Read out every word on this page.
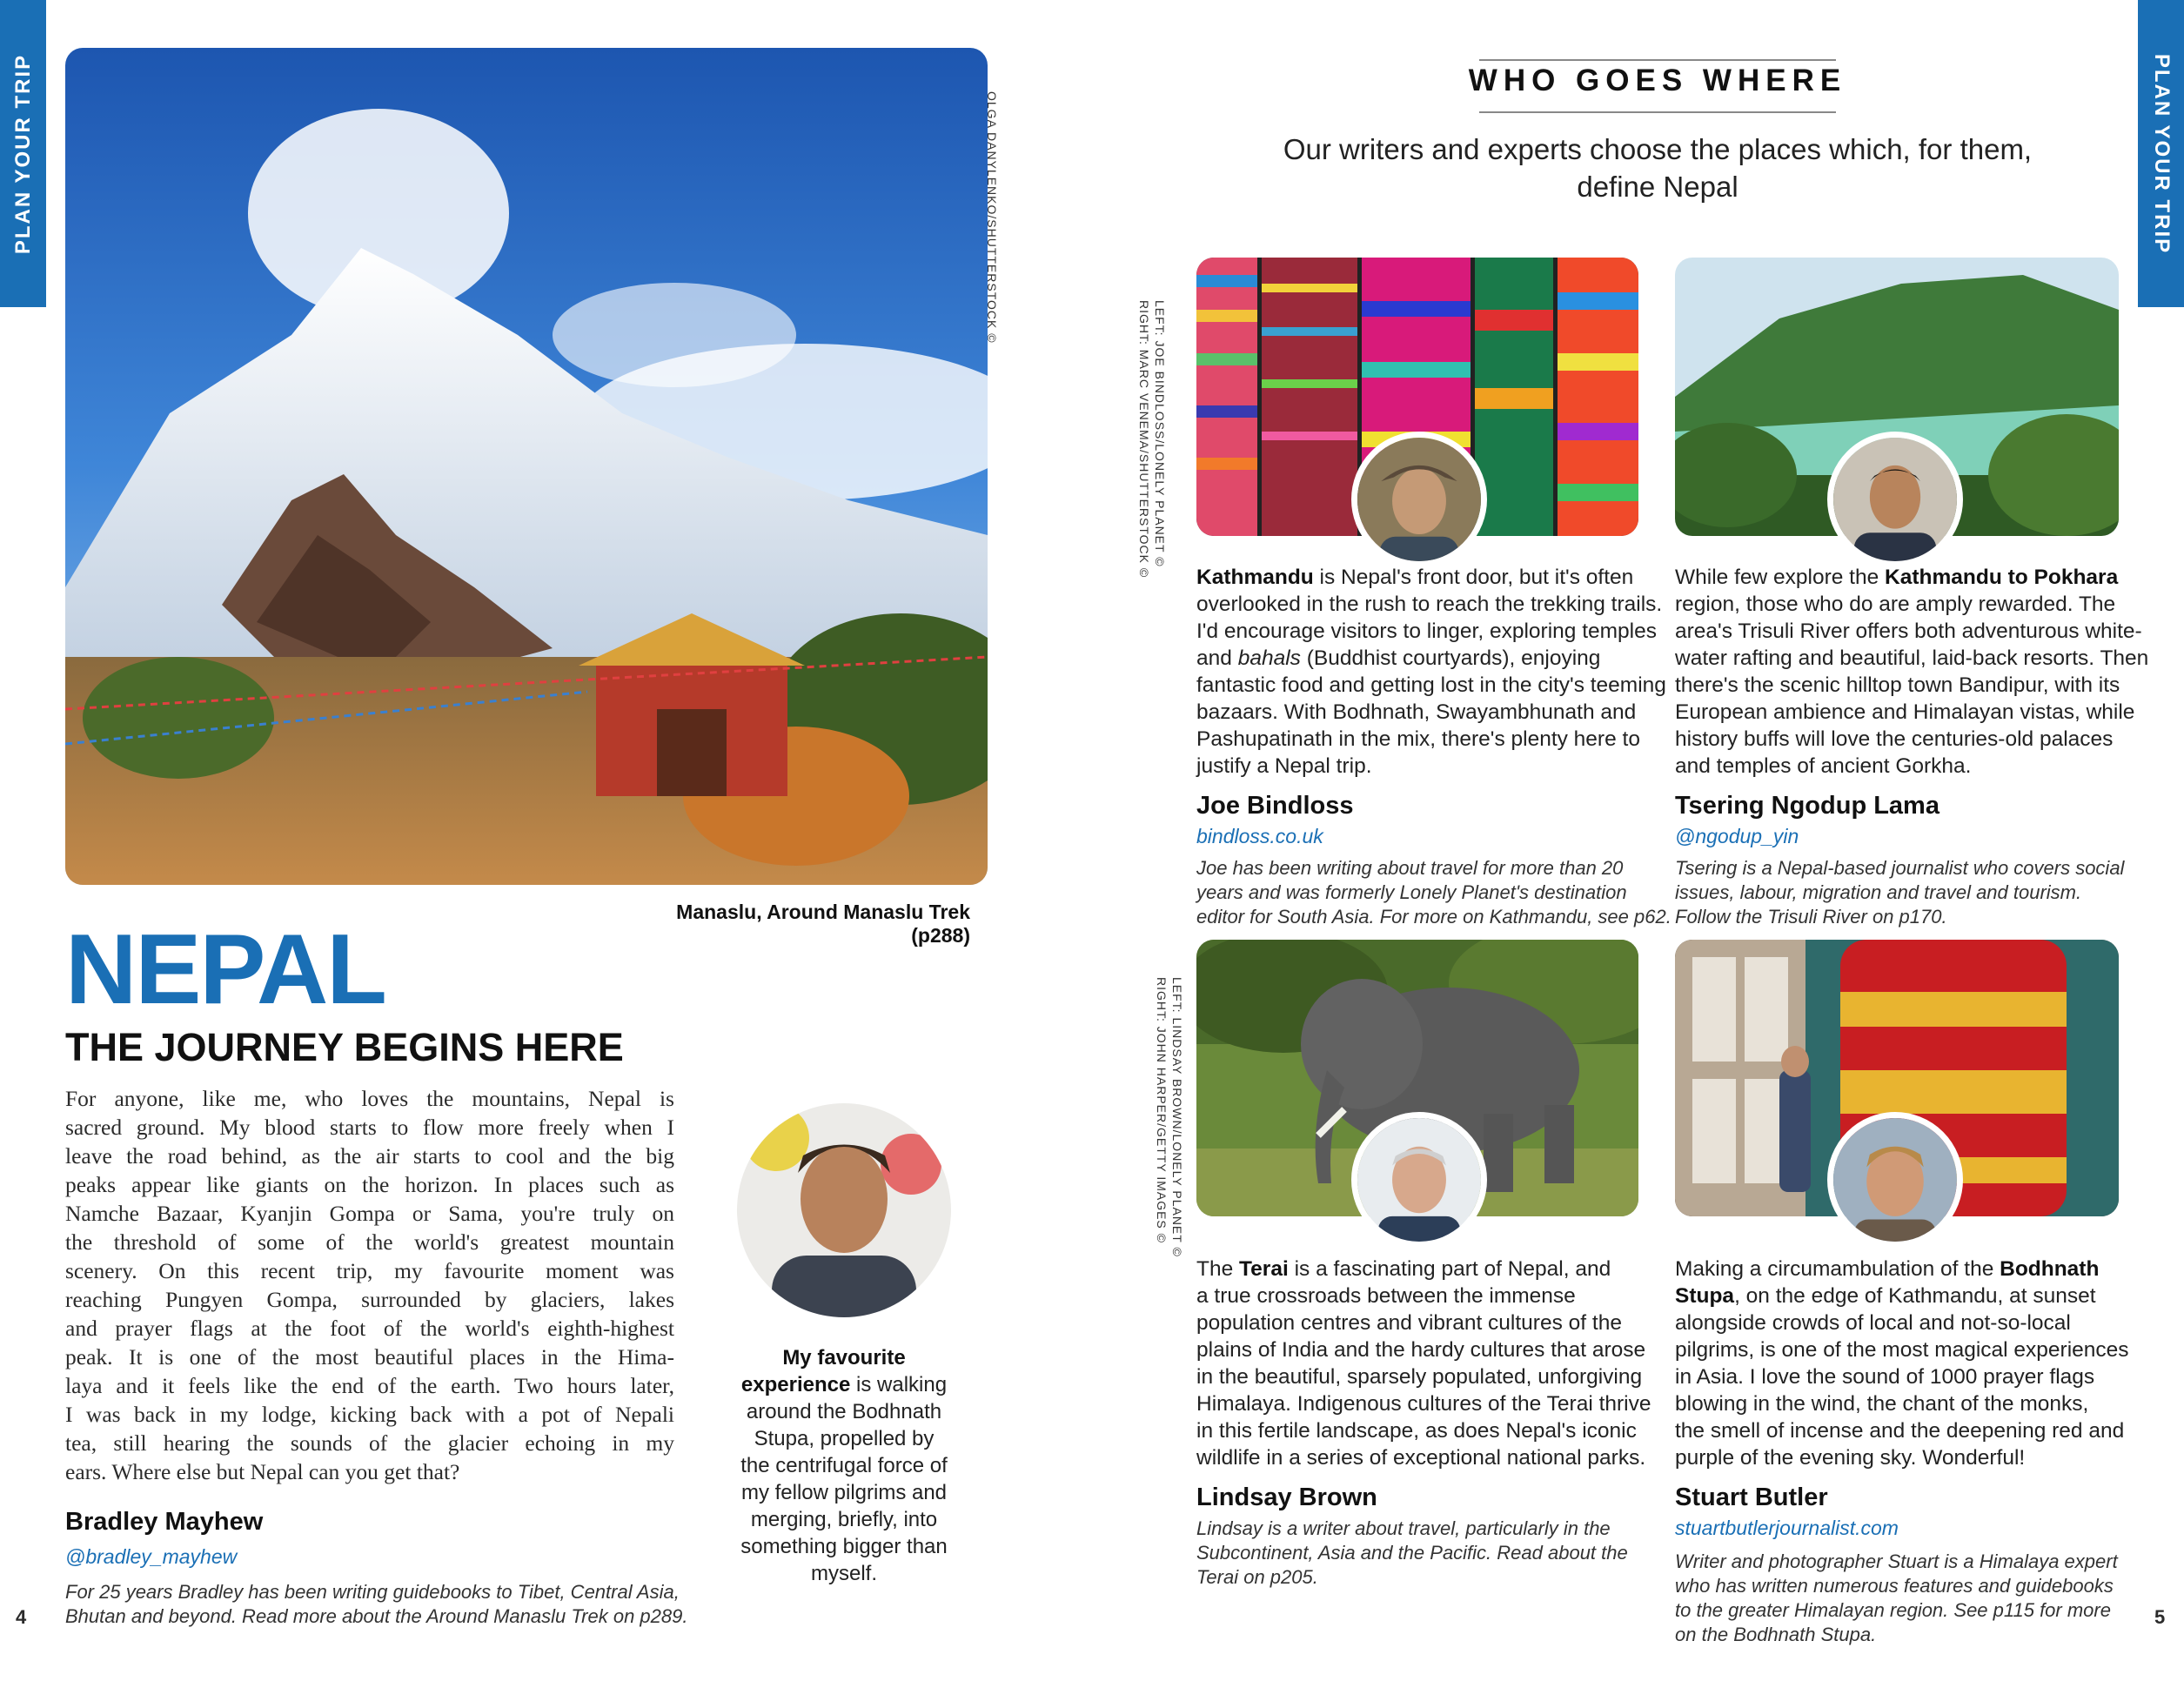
PLAN YOUR TRIP	PLAN YOUR TRIP
4	5
OLGA DANYLENKO/SHUTTERSTOCK ©
Manaslu, Around Manaslu Trek (p288)
NEPAL
THE JOURNEY BEGINS HERE
For anyone, like me, who loves the mountains, Nepal is
sacred ground. My blood starts to flow more freely when I
leave the road behind, as the air starts to cool and the big
peaks appear like giants on the horizon. In places such as
Namche Bazaar, Kyanjin Gompa or Sama, you're truly on
the threshold of some of the world's greatest mountain
scenery. On this recent trip, my favourite moment was
reaching Pungyen Gompa, surrounded by glaciers, lakes
and prayer flags at the foot of the world's eighth-highest
peak. It is one of the most beautiful places in the Hima-
laya and it feels like the end of the earth. Two hours later,
I was back in my lodge, kicking back with a pot of Nepali
tea, still hearing the sounds of the glacier echoing in my
ears. Where else but Nepal can you get that?
Bradley Mayhew
@bradley_mayhew
For 25 years Bradley has been writing guidebooks to Tibet, Central Asia,
Bhutan and beyond. Read more about the Around Manaslu Trek on p289.
My favourite
experience is walking
around the Bodhnath
Stupa, propelled by
the centrifugal force of
my fellow pilgrims and
merging, briefly, into
something bigger than
myself.
WHO GOES WHERE
Our writers and experts choose the places which, for them,
define Nepal
LEFT: JOE BINDLOSS/LONELY PLANET ©
RIGHT: MARC VENEMA/SHUTTERSTOCK ©
LEFT: LINDSAY BROWN/LONELY PLANET ©
RIGHT: JOHN HARPER/GETTY IMAGES ©
Kathmandu is Nepal's front door, but it's often
overlooked in the rush to reach the trekking trails.
I'd encourage visitors to linger, exploring temples
and bahals (Buddhist courtyards), enjoying
fantastic food and getting lost in the city's teeming
bazaars. With Bodhnath, Swayambhunath and
Pashupatinath in the mix, there's plenty here to
justify a Nepal trip.
Joe Bindloss
bindloss.co.uk
Joe has been writing about travel for more than 20
years and was formerly Lonely Planet's destination
editor for South Asia. For more on Kathmandu, see p62.
While few explore the Kathmandu to Pokhara
region, those who do are amply rewarded. The
area's Trisuli River offers both adventurous white-
water rafting and beautiful, laid-back resorts. Then
there's the scenic hilltop town Bandipur, with its
European ambience and Himalayan vistas, while
history buffs will love the centuries-old palaces
and temples of ancient Gorkha.
Tsering Ngodup Lama
@ngodup_yin
Tsering is a Nepal-based journalist who covers social
issues, labour, migration and travel and tourism.
Follow the Trisuli River on p170.
The Terai is a fascinating part of Nepal, and
a true crossroads between the immense
population centres and vibrant cultures of the
plains of India and the hardy cultures that arose
in the beautiful, sparsely populated, unforgiving
Himalaya. Indigenous cultures of the Terai thrive
in this fertile landscape, as does Nepal's iconic
wildlife in a series of exceptional national parks.
Lindsay Brown
Lindsay is a writer about travel, particularly in the
Subcontinent, Asia and the Pacific. Read about the
Terai on p205.
Making a circumambulation of the Bodhnath
Stupa, on the edge of Kathmandu, at sunset
alongside crowds of local and not-so-local
pilgrims, is one of the most magical experiences
in Asia. I love the sound of 1000 prayer flags
blowing in the wind, the chant of the monks,
the smell of incense and the deepening red and
purple of the evening sky. Wonderful!
Stuart Butler
stuartbutlerjournalist.com
Writer and photographer Stuart is a Himalaya expert
who has written numerous features and guidebooks
to the greater Himalayan region. See p115 for more
on the Bodhnath Stupa.
